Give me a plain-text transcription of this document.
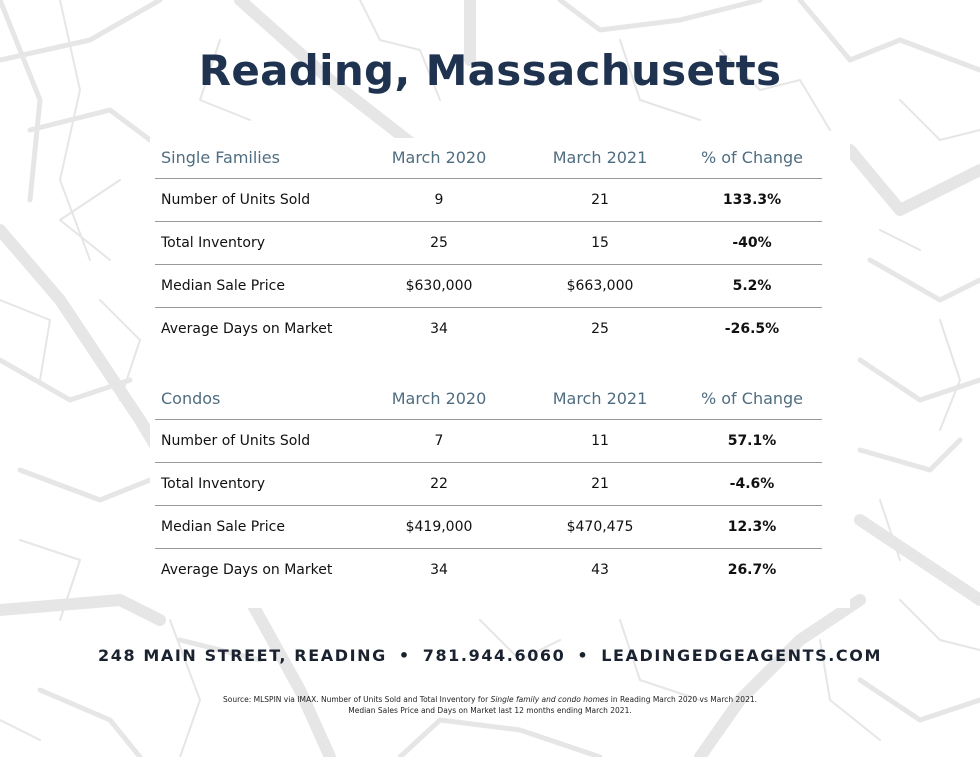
Reading, Massachusetts
Single Families	March 2020	March 2021	% of Change
Number of Units Sold	9	21	133.3%
Total Inventory	25	15	-40%
Median Sale Price	$630,000	$663,000	5.2%
Average Days on Market	34	25	-26.5%
Condos	March 2020	March 2021	% of Change
Number of Units Sold	7	11	57.1%
Total Inventory	22	21	-4.6%
Median Sale Price	$419,000	$470,475	12.3%
Average Days on Market	34	43	26.7%
248 MAIN STREET, READING • 781.944.6060 • LEADINGEDGEAGENTS.COM
Source: MLSPIN via IMAX. Number of Units Sold and Total Inventory for Single family and condo homes in Reading March 2020 vs March 2021.
Median Sales Price and Days on Market last 12 months ending March 2021.
